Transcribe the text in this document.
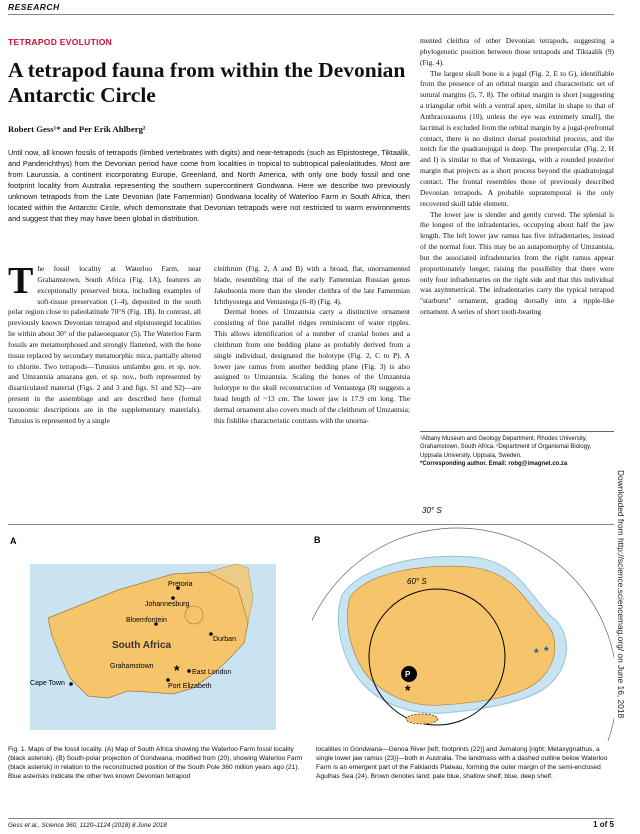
RESEARCH
TETRAPOD EVOLUTION
A tetrapod fauna from within the Devonian Antarctic Circle
Robert Gess¹* and Per Erik Ahlberg²
Until now, all known fossils of tetrapods (limbed vertebrates with digits) and near-tetrapods (such as Elpistostege, Tiktaalik, and Panderichthys) from the Devonian period have come from localities in tropical to subtropical paleolatitudes. Most are from Laurussia, a continent incorporating Europe, Greenland, and North America, with only one body fossil and one footprint locality from Australia representing the southern supercontinent Gondwana. Here we describe two previously unknown tetrapods from the Late Devonian (late Famennian) Gondwana locality of Waterloo Farm in South Africa, then located within the Antarctic Circle, which demonstrate that Devonian tetrapods were not restricted to warm environments and suggest that they may have been global in distribution.
T he fossil locality at Waterloo Farm, near Grahamstown, South Africa (Fig. 1A), features an exceptionally preserved biota, including examples of soft-tissue preservation (1–4), deposited in the south polar region close to paleolatitude 70°S (Fig. 1B). In contrast, all previously known Devonian tetrapod and elpistostegid localities lie within about 30° of the palaeoequator (5). The Waterloo Farm fossils are metamorphosed and strongly flattened, with the bone tissue replaced by secondary metamorphic mica, partially altered to chlorite. Two tetrapods—Tutusius umlambo gen. et sp. nov. and Umzantsia amazana gen. et sp. nov., both represented by disarticulated material (Figs. 2 and 3 and figs. S1 and S2)—are present in the assemblage and are described here (formal taxonomic descriptions are in the supplementary materials). Tutusius is represented by a single

cleithrum (Fig. 2, A and B) with a broad, flat, unornamented blade, resembling that of the early Famennian Russian genus Jakubsonia more than the slender cleithra of the late Famennian Ichthyostega and Ventastega (6–8) (Fig. 4).

Dermal bones of Umzantsia carry a distinctive ornament consisting of fine parallel ridges reminiscent of water ripples. This allows identification of a number of cranial bones and a cleithrum from one bedding plane as probably derived from a single individual, designated the holotype (Fig. 2, C to P). A lower jaw ramus from another bedding plane (Fig. 3) is also assigned to Umzantsia. Scaling the bones of the Umzantsia holotype to the skull reconstruction of Ventastega (8) suggests a head length of ~13 cm. The lower jaw is 17.9 cm long. The dermal ornament also covers much of the cleithrum of Umzantsia; this fishlike characteristic contrasts with the unorna-

mented cleithra of other Devonian tetrapods, suggesting a phylogenetic position between those tetrapods and Tiktaalik (9) (Fig. 4).

The largest skull bone is a jugal (Fig. 2, E to G), identifiable from the presence of an orbital margin and characteristic set of sutural margins (5, 7, 8). The orbital margin is short [suggesting a triangular orbit with a ventral apex, similar in shape to that of Anthracosaurus (10), unless the eye was extremely small], the lacrimal is excluded from the orbital margin by a jugal-prefrontal contact, there is no distinct dorsal postorbital process, and the notch for the quadratojugal is deep. The preopercular (Fig. 2, H and I) is similar to that of Ventastega, with a rounded posterior margin that projects as a short process beyond the quadratojugal contact. The frontal resembles those of previously described Devonian tetrapods. A probable supratemporal is the only recovered skull table element.

The lower jaw is slender and gently curved. The splenial is the longest of the infradentaries, occupying about half the jaw length. The left lower jaw ramus has five infradentaries, instead of the normal four. This may be an autapomorphy of Umzantsia, but the associated infradentaries from the right ramus appear proportionately longer, raising the possibility that there were only four infradentaries on the right side and that this individual was asymmetrical. The infradentaries carry the typical tetrapod "starburst" ornament, grading dorsally into a ripple-like ornament. A series of short tooth-bearing

¹Albany Museum and Geology Department, Rhodes University, Grahamstown, South Africa. ²Department of Organismal Biology, Uppsala University, Uppsala, Sweden.
*Corresponding author. Email: robg@imagnet.co.za
Downloaded from http://science.sciencemag.org/ on June 16, 2018
A
South Africa
Pretoria
Johannesburg
Bloemfontein
Durban
Grahamstown * East London
Port Elizabeth
Cape Town
B
30° S
60° S
P
*
* *
Fig. 1. Maps of the fossil locality. (A) Map of South Africa showing the Waterloo Farm fossil locality (black asterisk). (B) South-polar projection of Gondwana, modified from (20), showing Waterloo Farm (black asterisk) in relation to the reconstructed position of the South Pole 360 million years ago (21). Blue asterisks indicate the other two known Devonian tetrapod
localities in Gondwana—Genoa River [left; footprints (22)] and Jemalong [right; Metaxygnathus, a single lower jaw ramus (23)]—both in Australia. The landmass with a dashed outline below Waterloo Farm is an emergent part of the Falklands Plateau, forming the outer margin of the semi-enclosed Agulhas Sea (24). Brown denotes land; pale blue, shallow shelf; blue, deep shelf.
Gess et al., Science 360, 1120–1124 (2018) 8 June 2018	1 of 5
